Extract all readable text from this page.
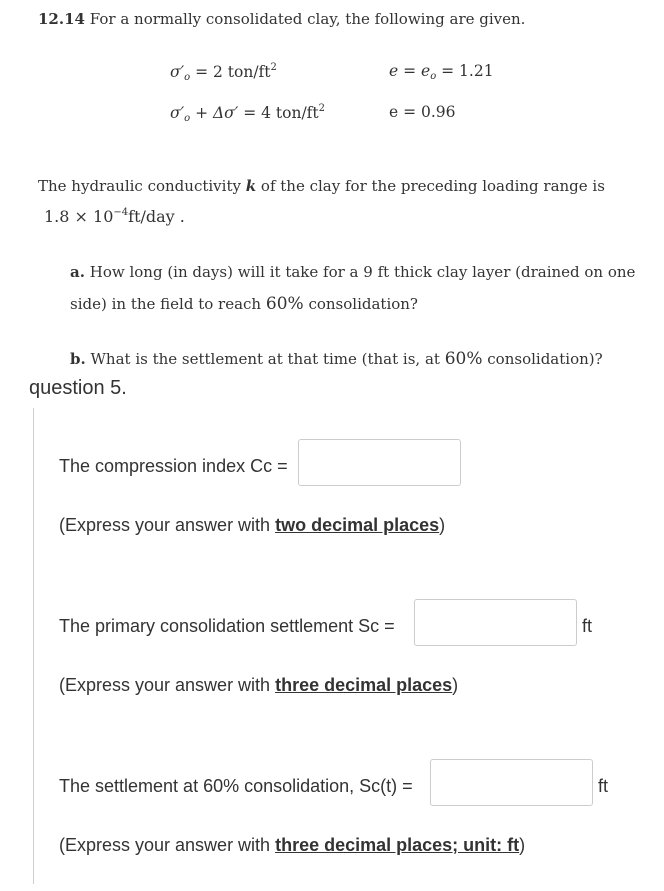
12.14 For a normally consolidated clay, the following are given.
$\sigma'_o = 2$ ton/$ft^2$	$e = e_o = 1.21$
$\sigma'_o + \Delta\sigma' = 4$ ton/$ft^2$	e = 0.96
The hydraulic conductivity k of the clay for the preceding loading range is
$1.8 \times 10^{-4}ft$/day .
a. How long (in days) will it take for a 9 ft thick clay layer (drained on one
side) in the field to reach 60% consolidation?
b. What is the settlement at that time (that is, at 60% consolidation)?
question 5.
The compression index Cc =
(Express your answer with two decimal places)
The primary consolidation settlement Sc =	ft
(Express your answer with three decimal places)
The settlement at 60% consolidation, Sc(t) =	ft
(Express your answer with three decimal places; unit: ft)
